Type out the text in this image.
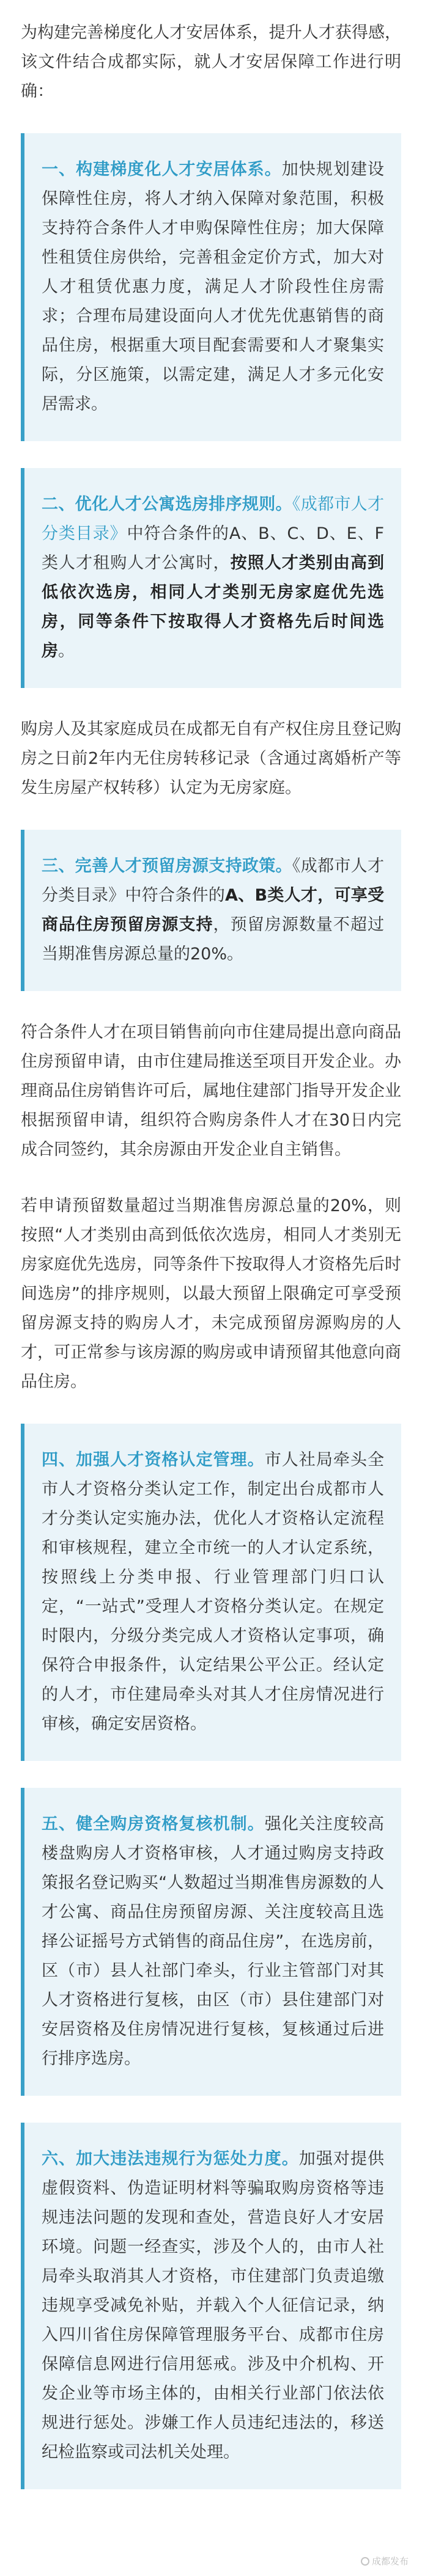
为构建完善梯度化人才安居体系，提升人才获得感，该文件结合成都实际，就人才安居保障工作进行明确：

一、构建梯度化人才安居体系。加快规划建设保障性住房，将人才纳入保障对象范围，积极支持符合条件人才申购保障性住房；加大保障性租赁住房供给，完善租金定价方式，加大对人才租赁优惠力度，满足人才阶段性住房需求；合理布局建设面向人才优先优惠销售的商品住房，根据重大项目配套需要和人才聚集实际，分区施策，以需定建，满足人才多元化安居需求。

二、优化人才公寓选房排序规则。《成都市人才分类目录》中符合条件的A、B、C、D、E、F类人才租购人才公寓时，按照人才类别由高到低依次选房，相同人才类别无房家庭优先选房，同等条件下按取得人才资格先后时间选房。

购房人及其家庭成员在成都无自有产权住房且登记购房之日前2年内无住房转移记录（含通过离婚析产等发生房屋产权转移）认定为无房家庭。

三、完善人才预留房源支持政策。《成都市人才分类目录》中符合条件的A、B类人才，可享受商品住房预留房源支持，预留房源数量不超过当期准售房源总量的20%。

符合条件人才在项目销售前向市住建局提出意向商品住房预留申请，由市住建局推送至项目开发企业。办理商品住房销售许可后，属地住建部门指导开发企业根据预留申请，组织符合购房条件人才在30日内完成合同签约，其余房源由开发企业自主销售。

若申请预留数量超过当期准售房源总量的20%，则按照“人才类别由高到低依次选房，相同人才类别无房家庭优先选房，同等条件下按取得人才资格先后时间选房”的排序规则，以最大预留上限确定可享受预留房源支持的购房人才，未完成预留房源购房的人才，可正常参与该房源的购房或申请预留其他意向商品住房。

四、加强人才资格认定管理。市人社局牵头全市人才资格分类认定工作，制定出台成都市人才分类认定实施办法，优化人才资格认定流程和审核规程，建立全市统一的人才认定系统，按照线上分类申报、行业管理部门归口认定，“一站式”受理人才资格分类认定。在规定时限内，分级分类完成人才资格认定事项，确保符合申报条件，认定结果公平公正。经认定的人才，市住建局牵头对其人才住房情况进行审核，确定安居资格。

五、健全购房资格复核机制。强化关注度较高楼盘购房人才资格审核，人才通过购房支持政策报名登记购买“人数超过当期准售房源数的人才公寓、商品住房预留房源、关注度较高且选择公证摇号方式销售的商品住房”，在选房前，区（市）县人社部门牵头，行业主管部门对其人才资格进行复核，由区（市）县住建部门对安居资格及住房情况进行复核，复核通过后进行排序选房。

六、加大违法违规行为惩处力度。加强对提供虚假资料、伪造证明材料等骗取购房资格等违规违法问题的发现和查处，营造良好人才安居环境。问题一经查实，涉及个人的，由市人社局牵头取消其人才资格，市住建部门负责追缴违规享受减免补贴，并载入个人征信记录，纳入四川省住房保障管理服务平台、成都市住房保障信息网进行信用惩戒。涉及中介机构、开发企业等市场主体的，由相关行业部门依法依规进行惩处。涉嫌工作人员违纪违法的，移送纪检监察或司法机关处理。

成都发布
